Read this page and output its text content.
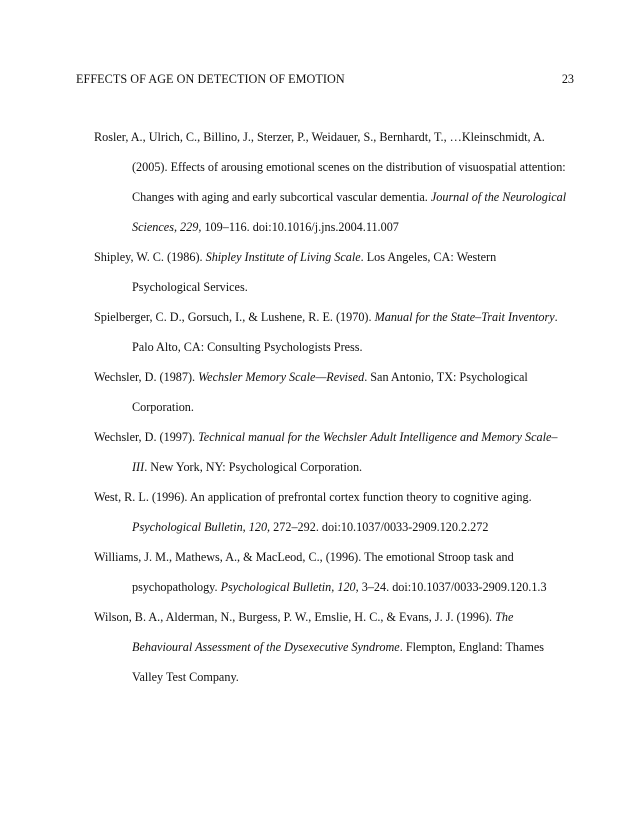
EFFECTS OF AGE ON DETECTION OF EMOTION	23
Rosler, A., Ulrich, C., Billino, J., Sterzer, P., Weidauer, S., Bernhardt, T., …Kleinschmidt, A.
(2005). Effects of arousing emotional scenes on the distribution of visuospatial attention:
Changes with aging and early subcortical vascular dementia. Journal of the Neurological
Sciences, 229, 109–116. doi:10.1016/j.jns.2004.11.007
Shipley, W. C. (1986). Shipley Institute of Living Scale. Los Angeles, CA: Western
Psychological Services.
Spielberger, C. D., Gorsuch, I., & Lushene, R. E. (1970). Manual for the State–Trait Inventory.
Palo Alto, CA: Consulting Psychologists Press.
Wechsler, D. (1987). Wechsler Memory Scale—Revised. San Antonio, TX: Psychological
Corporation.
Wechsler, D. (1997). Technical manual for the Wechsler Adult Intelligence and Memory Scale–
III. New York, NY: Psychological Corporation.
West, R. L. (1996). An application of prefrontal cortex function theory to cognitive aging.
Psychological Bulletin, 120, 272–292. doi:10.1037/0033-2909.120.2.272
Williams, J. M., Mathews, A., & MacLeod, C., (1996). The emotional Stroop task and
psychopathology. Psychological Bulletin, 120, 3–24. doi:10.1037/0033-2909.120.1.3
Wilson, B. A., Alderman, N., Burgess, P. W., Emslie, H. C., & Evans, J. J. (1996). The
Behavioural Assessment of the Dysexecutive Syndrome. Flempton, England: Thames
Valley Test Company.
